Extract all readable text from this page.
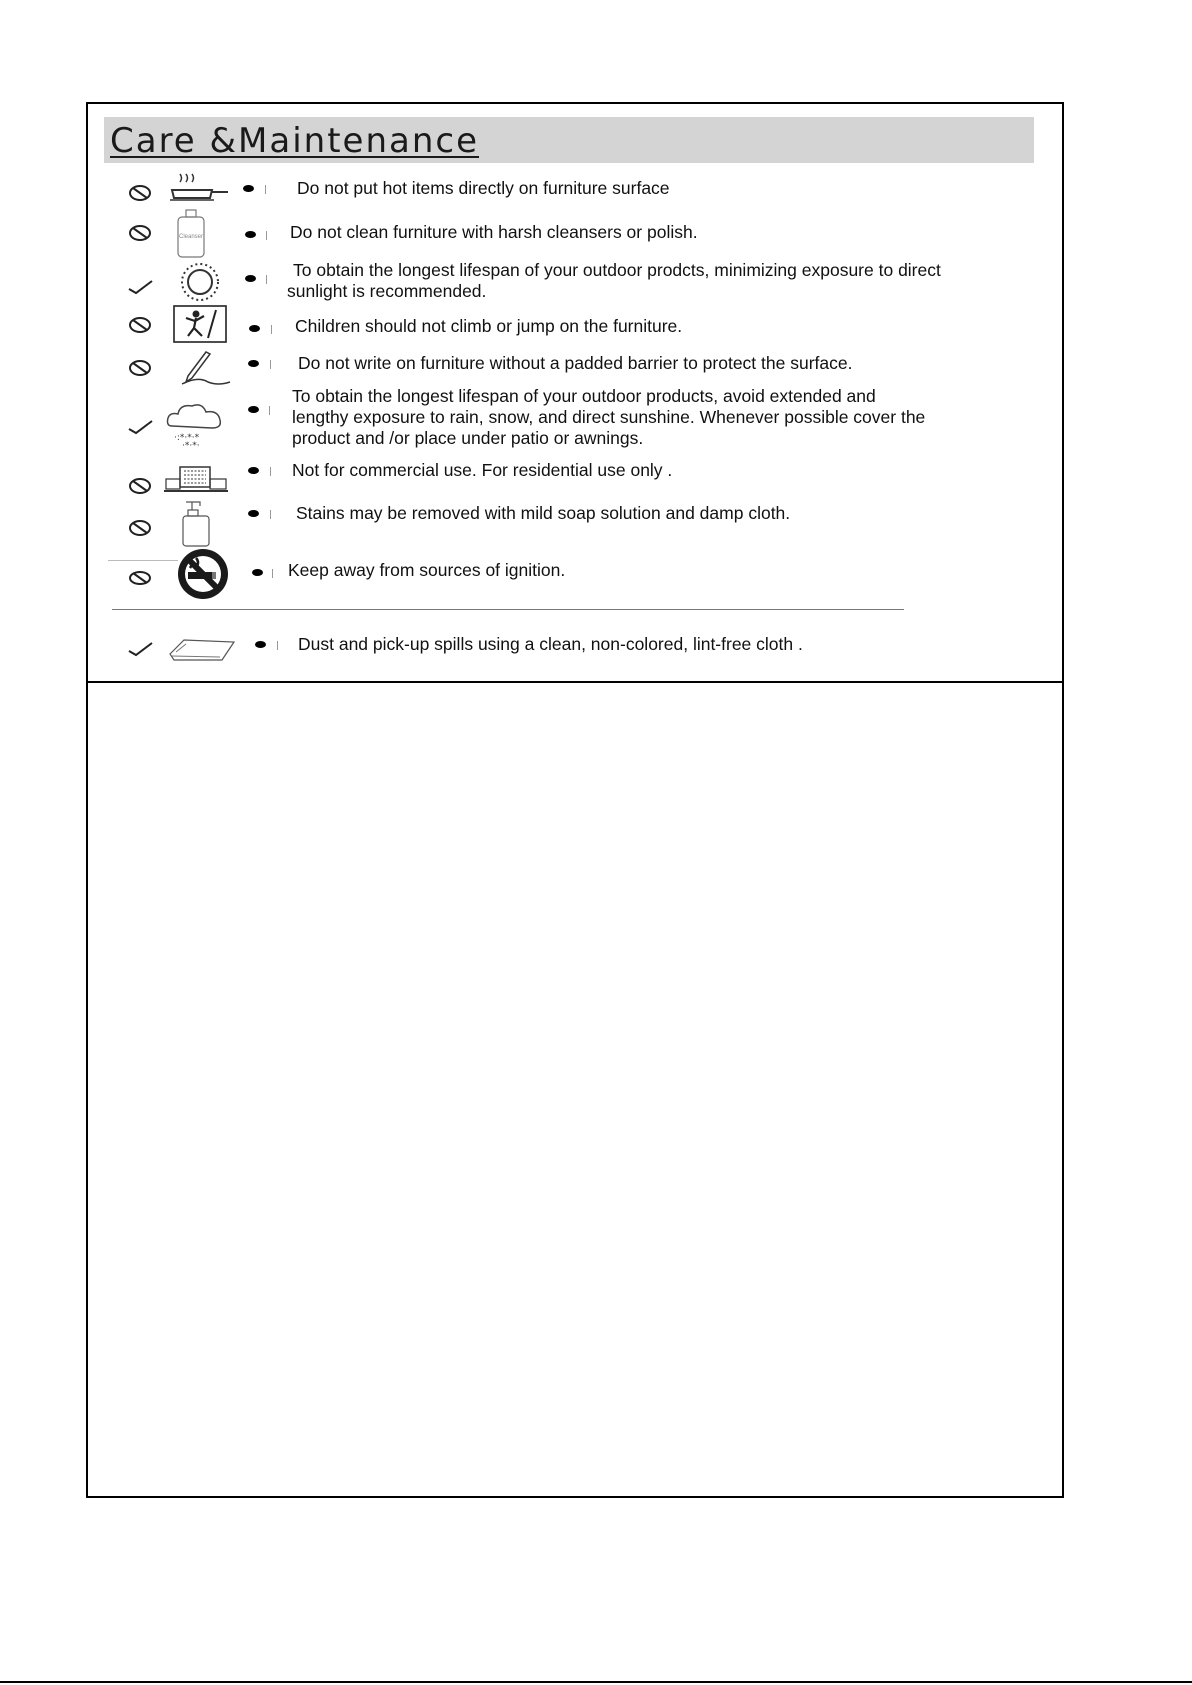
Care &Maintenance
Do not put hot items directly on furniture surface
Cleanser	Do not clean furniture with harsh cleansers or polish.
To obtain the longest lifespan of your outdoor prodcts, minimizing exposure to direct
sunlight is recommended.
Children should not climb or jump on the furniture.
Do not write on furniture without a padded barrier to protect the surface.
·:*·*·*
·*·*·
To obtain the longest lifespan of your outdoor products, avoid extended and
lengthy exposure to rain, snow, and direct sunshine. Whenever possible cover the
product and /or place under patio or awnings.
Not for commercial use. For residential use only .
Stains may be removed with mild soap solution and damp cloth.
Keep away from sources of ignition.
Dust and pick-up spills using a clean, non-colored, lint-free cloth .
